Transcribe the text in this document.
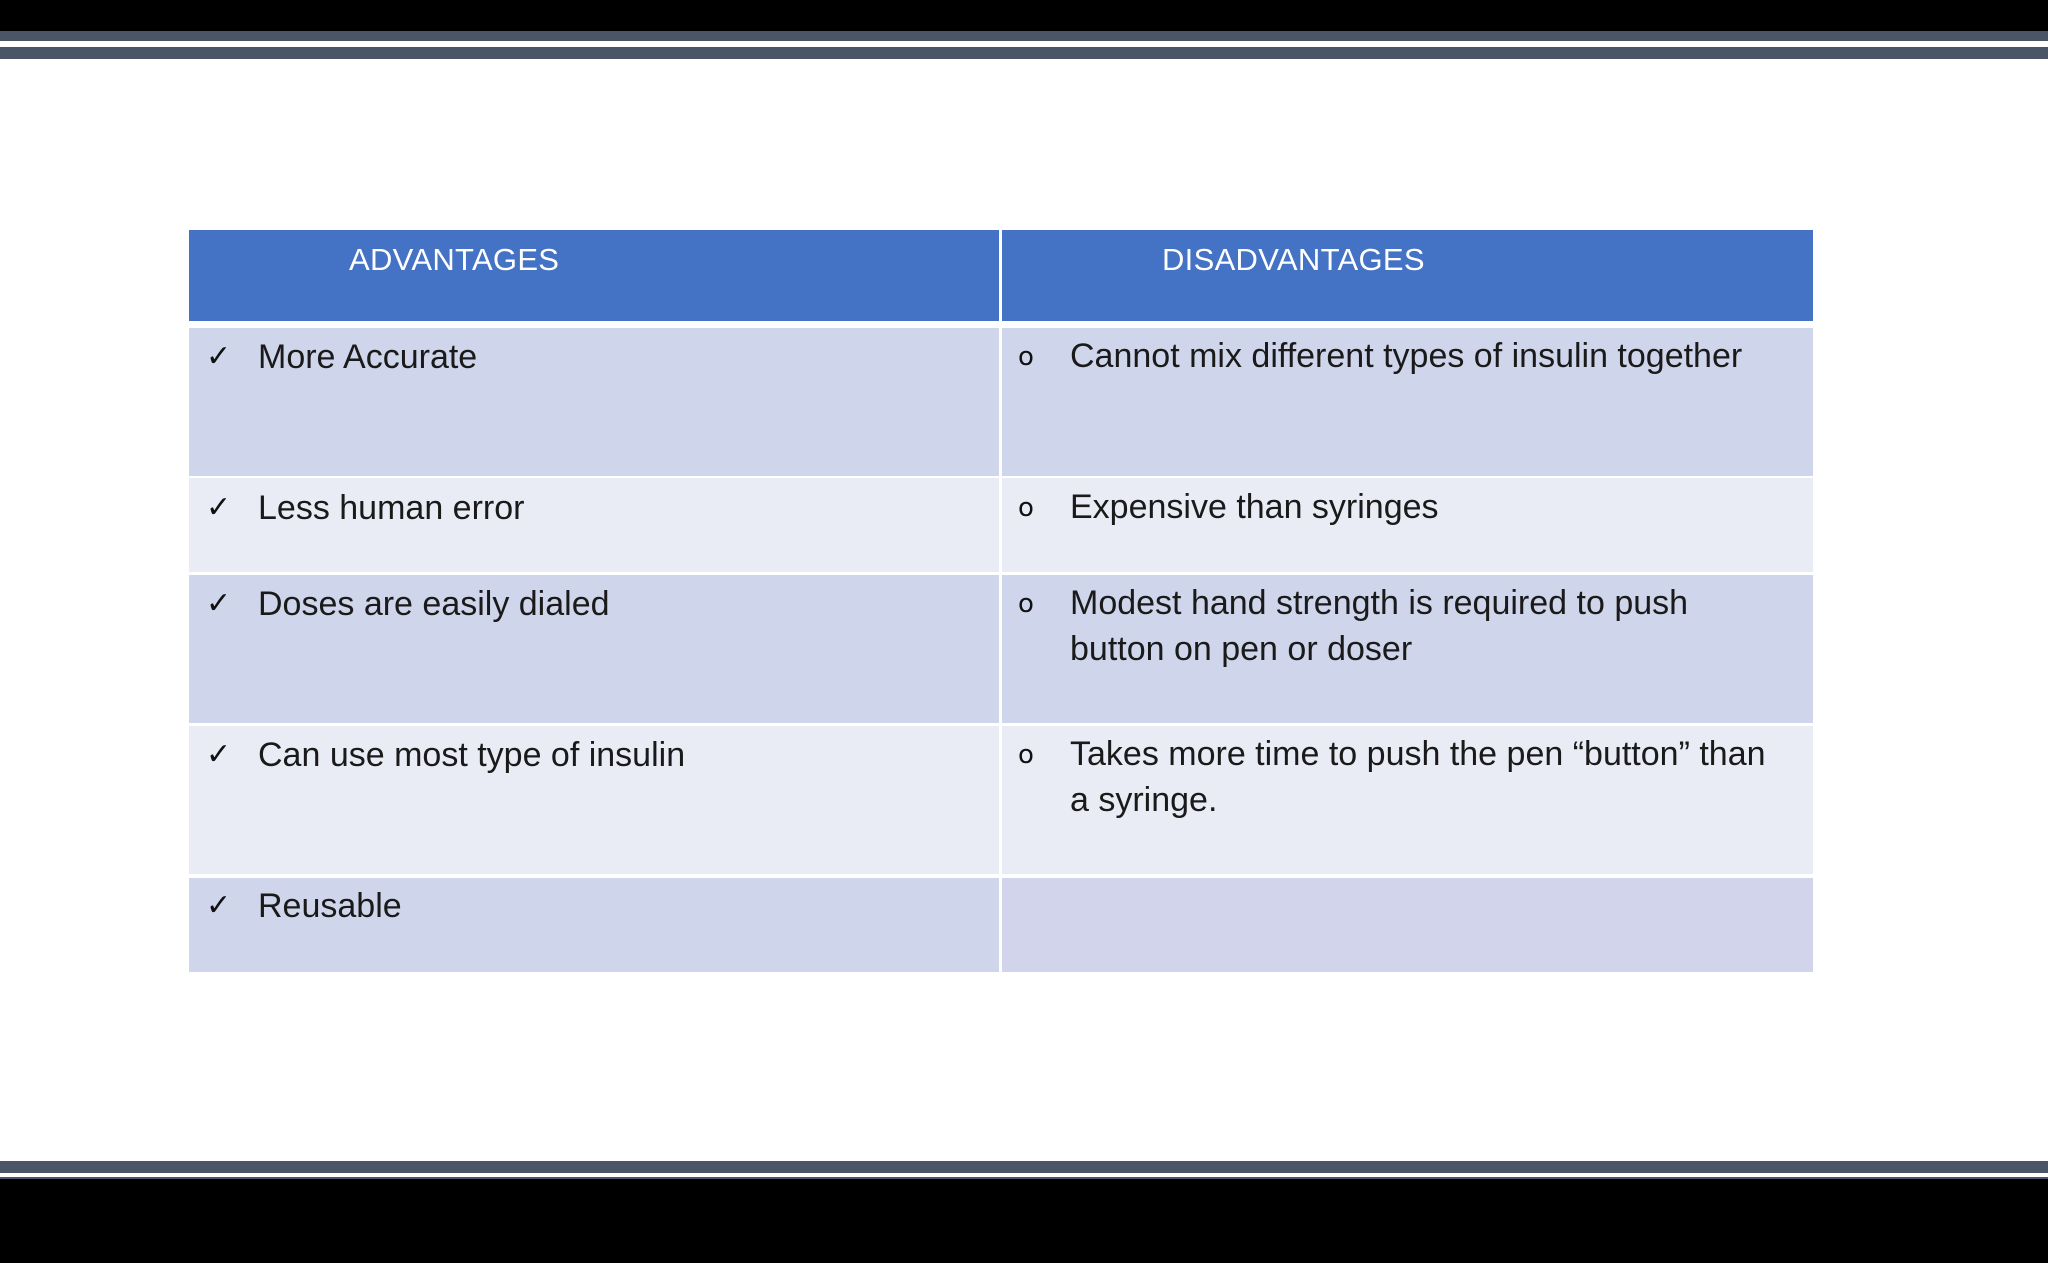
ADVANTAGES	DISADVANTAGES
✓ More Accurate	o Cannot mix different types of insulin together
✓ Less human error	o Expensive than syringes
✓ Doses are easily dialed	o Modest hand strength is required to push
button on pen or doser
✓ Can use most type of insulin	o Takes more time to push the pen “button” than
a syringe.
✓ Reusable
